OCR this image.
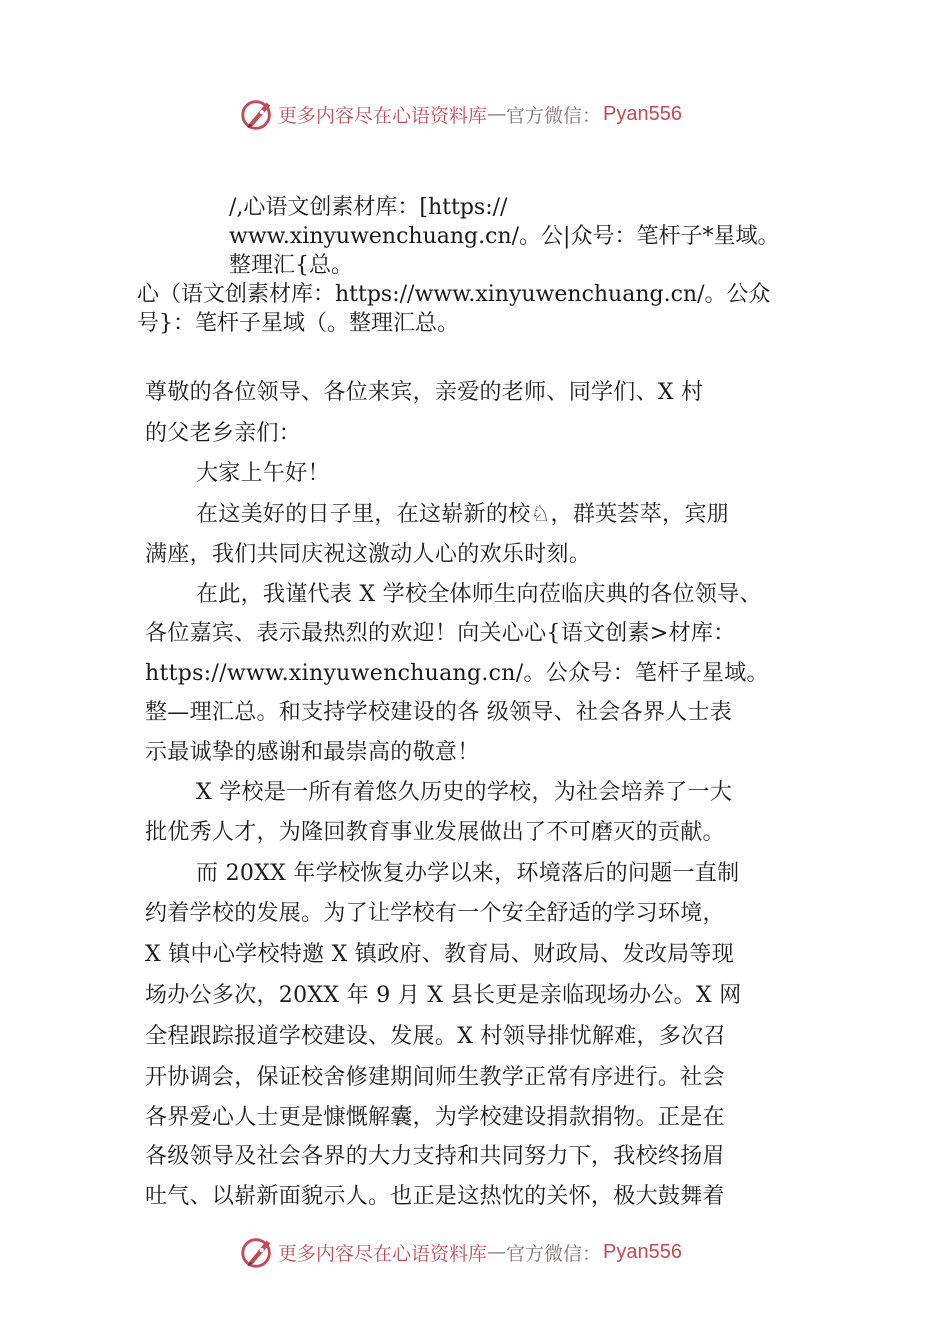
更多内容尽在心语资料库 — 官方微信： Pyan556
/,心语文创素材库：[https://
www.xinyuwenchuang.cn/。公|众号：笔杆子*星域。
整理汇{总。
心（语文创素材库：https://www.xinyuwenchuang.cn/。公众
号}：笔杆子星域（。整理汇总。
尊敬的各位领导、各位来宾，亲爱的老师、同学们、X 村
的父老乡亲们：
大家上午好！
在这美好的日子里，在这崭新的校♘，群英荟萃，宾朋
满座，我们共同庆祝这激动人心的欢乐时刻。
在此，我谨代表 X 学校全体师生向莅临庆典的各位领导、
各位嘉宾、表示最热烈的欢迎！向关心心{语文创素>材库：
https://www.xinyuwenchuang.cn/。公众号：笔杆子星域。
整—理汇总。和支持学校建设的各 级领导、社会各界人士表
示最诚挚的感谢和最崇高的敬意！
X 学校是一所有着悠久历史的学校，为社会培养了一大
批优秀人才，为隆回教育事业发展做出了不可磨灭的贡献。
而 20XX 年学校恢复办学以来，环境落后的问题一直制
约着学校的发展。为了让学校有一个安全舒适的学习环境，
X 镇中心学校特邀 X 镇政府、教育局、财政局、发改局等现
场办公多次，20XX 年 9 月 X 县长更是亲临现场办公。X 网
全程跟踪报道学校建设、发展。X 村领导排忧解难，多次召
开协调会，保证校舍修建期间师生教学正常有序进行。社会
各界爱心人士更是慷慨解囊，为学校建设捐款捐物。正是在
各级领导及社会各界的大力支持和共同努力下，我校终扬眉
吐气、以崭新面貌示人。也正是这热忱的关怀，极大鼓舞着
更多内容尽在心语资料库 — 官方微信： Pyan556
